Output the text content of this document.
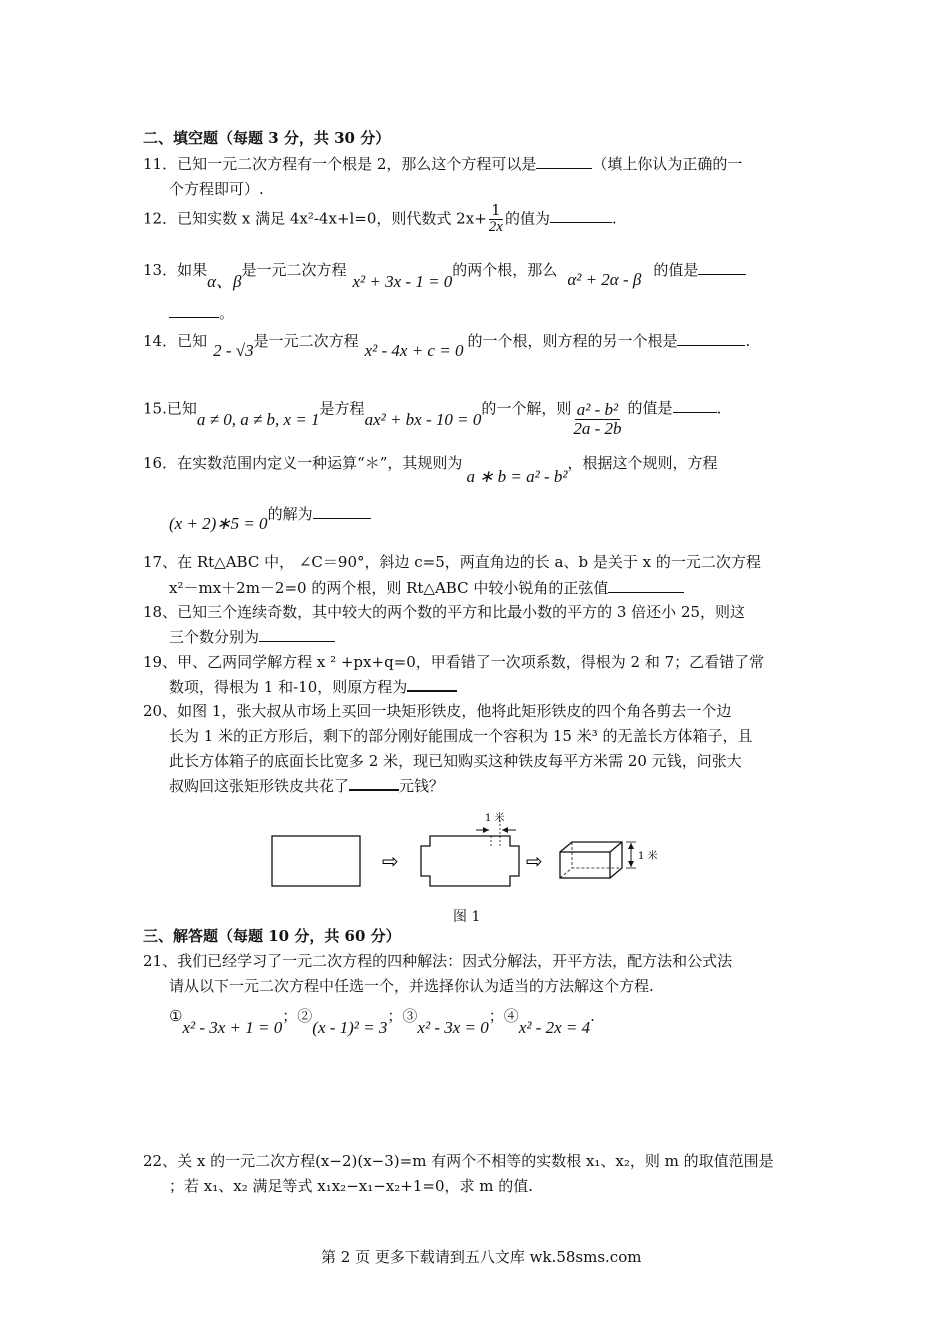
二、填空题（每题 3 分，共 30 分）
11．已知一元二次方程有一个根是 2，那么这个方程可以是	（填上你认为正确的一
个方程即可）.
12．已知实数 x 满足 4x²-4x+l=0，则代数式 $2x+ \frac{1}{2x}$ 的值为	.
13．如果α、β是一元二次方程x² + 3x - 1 = 0的两个根，那么 α² + 2α - β 的值是
。
14．已知 2 - √3是一元二次方程 x² - 4x + c = 0 的一个根，则方程的另一个根是	.
15.已知a ≠ 0, a ≠ b, x = 1是方程ax² + bx - 10 = 0的一个解，则 $\frac{\text{a² - b²}}{2a - 2b}$ 的值是	.
16．在实数范围内定义一种运算“＊”，其规则为a ∗ b = a² - b²，根据这个规则，方程
(x + 2)∗5 = 0的解为
17、在 Rt△ABC 中， ∠C＝90°，斜边 c=5，两直角边的长 a、b 是关于 x 的一元二次方程
x²－mx＋2m－2=0 的两个根，则 Rt△ABC 中较小锐角的正弦值
18、已知三个连续奇数，其中较大的两个数的平方和比最小数的平方的 3 倍还小 25，则这
三个数分别为
19、甲、乙两同学解方程 x ² +px+q=0，甲看错了一次项系数，得根为 2 和 7；乙看错了常
数项，得根为 1 和-10，则原方程为
20、如图 1，张大叔从市场上买回一块矩形铁皮，他将此矩形铁皮的四个角各剪去一个边
长为 1 米的正方形后，剩下的部分刚好能围成一个容积为 15 米³ 的无盖长方体箱子，且
此长方体箱子的底面长比宽多 2 米，现已知购买这种铁皮每平方米需 20 元钱，问张大
叔购回这张矩形铁皮共花了	元钱？
1 米
⇨	⇨	1 米
图 1
三、解答题（每题 10 分，共 60 分）
21、我们已经学习了一元二次方程的四种解法：因式分解法，开平方法，配方法和公式法
请从以下一元二次方程中任选一个，并选择你认为适当的方法解这个方程.
①x² - 3x + 1 = 0；②(x - 1)² = 3；③x² - 3x = 0；④x² - 2x = 4.
22、关 x 的一元二次方程(x−2)(x−3)=m 有两个不相等的实数根 x₁、x₂，则 m 的取值范围是
；若 x₁、x₂ 满足等式 x₁x₂−x₁−x₂+1=0，求 m 的值.
第 2 页 更多下载请到五八文库 wk.58sms.com
